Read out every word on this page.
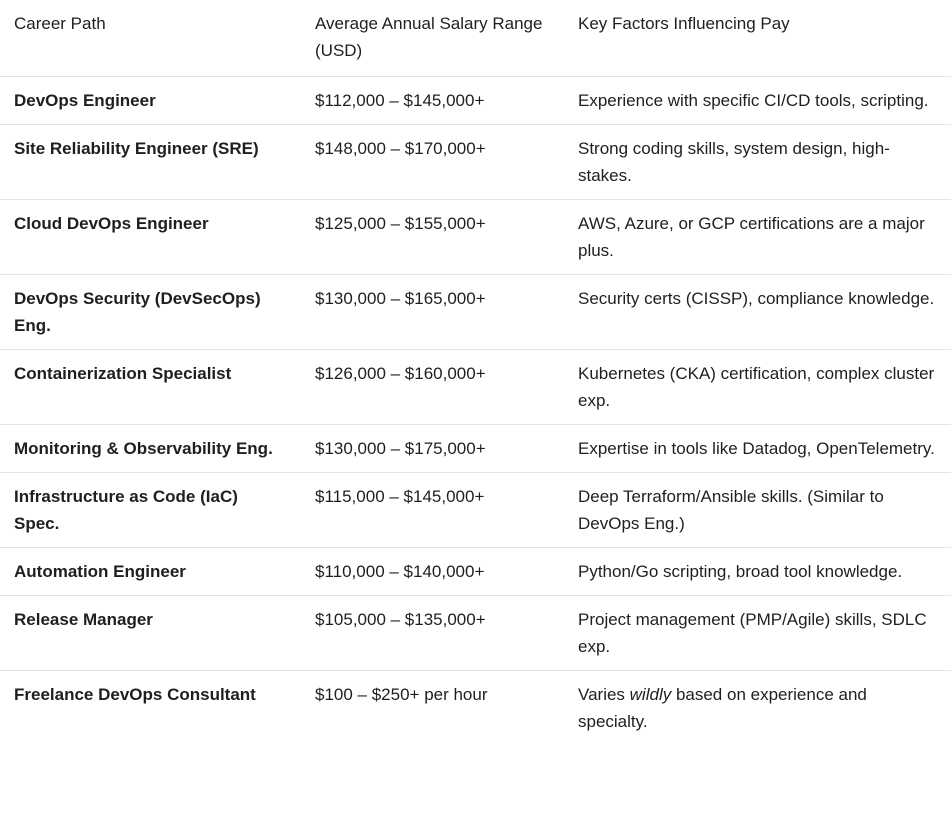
Career Path	Average Annual Salary Range (USD)	Key Factors Influencing Pay
DevOps Engineer	$112,000 – $145,000+	Experience with specific CI/CD tools, scripting.
Site Reliability Engineer (SRE)	$148,000 – $170,000+	Strong coding skills, system design, high-stakes.
Cloud DevOps Engineer	$125,000 – $155,000+	AWS, Azure, or GCP certifications are a major plus.
DevOps Security (DevSecOps) Eng.	$130,000 – $165,000+	Security certs (CISSP), compliance knowledge.
Containerization Specialist	$126,000 – $160,000+	Kubernetes (CKA) certification, complex cluster exp.
Monitoring & Observability Eng.	$130,000 – $175,000+	Expertise in tools like Datadog, OpenTelemetry.
Infrastructure as Code (IaC) Spec.	$115,000 – $145,000+	Deep Terraform/Ansible skills. (Similar to DevOps Eng.)
Automation Engineer	$110,000 – $140,000+	Python/Go scripting, broad tool knowledge.
Release Manager	$105,000 – $135,000+	Project management (PMP/Agile) skills, SDLC exp.
Freelance DevOps Consultant	$100 – $250+ per hour	Varies wildly based on experience and specialty.
